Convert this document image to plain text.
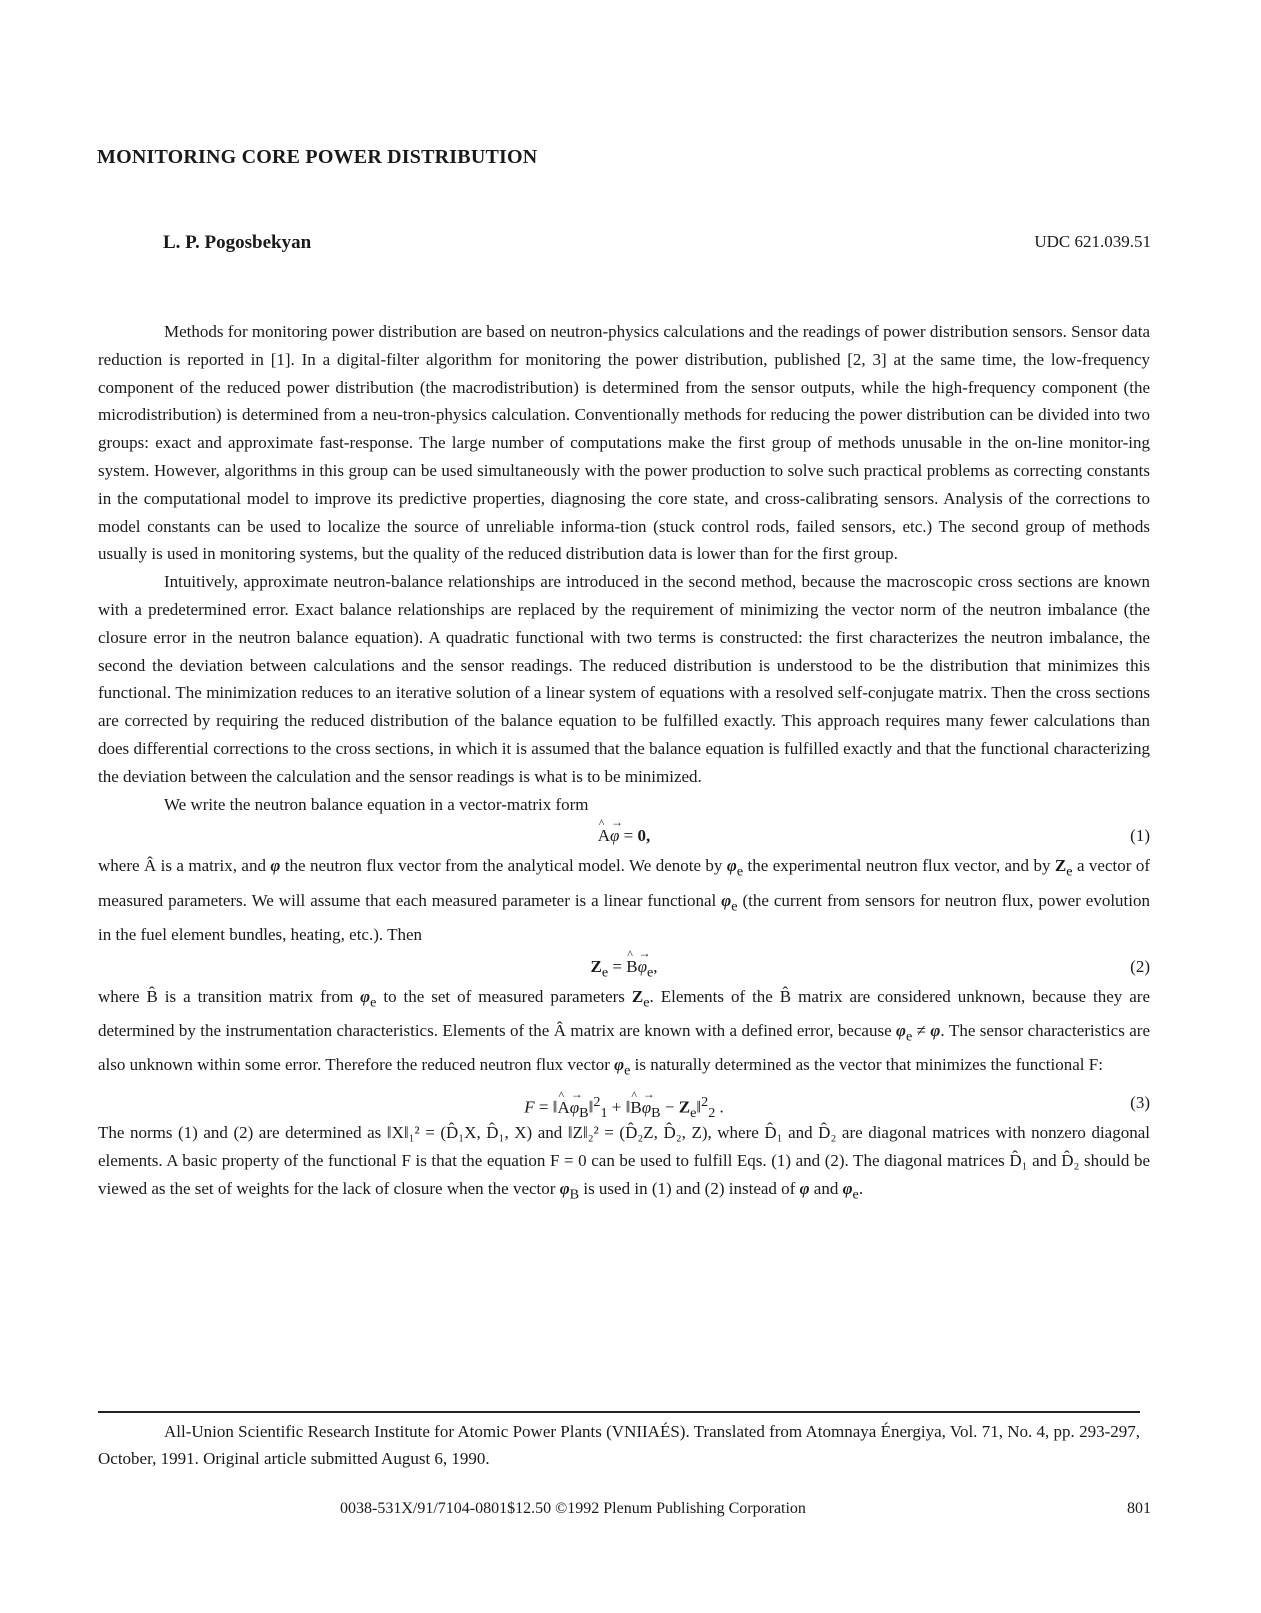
MONITORING CORE POWER DISTRIBUTION
L. P. Pogosbekyan	UDC 621.039.51

Methods for monitoring power distribution are based on neutron-physics calculations and the readings of power distribution sensors. Sensor data reduction is reported in [1]. In a digital-filter algorithm for monitoring the power distribution, published [2, 3] at the same time, the low-frequency component of the reduced power distribution (the macrodistribution) is determined from the sensor outputs, while the high-frequency component (the microdistribution) is determined from a neu-tron-physics calculation. Conventionally methods for reducing the power distribution can be divided into two groups: exact and approximate fast-response. The large number of computations make the first group of methods unusable in the on-line monitor-ing system. However, algorithms in this group can be used simultaneously with the power production to solve such practical problems as correcting constants in the computational model to improve its predictive properties, diagnosing the core state, and cross-calibrating sensors. Analysis of the corrections to model constants can be used to localize the source of unreliable informa-tion (stuck control rods, failed sensors, etc.) The second group of methods usually is used in monitoring systems, but the quality of the reduced distribution data is lower than for the first group.

Intuitively, approximate neutron-balance relationships are introduced in the second method, because the macroscopic cross sections are known with a predetermined error. Exact balance relationships are replaced by the requirement of minimizing the vector norm of the neutron imbalance (the closure error in the neutron balance equation). A quadratic functional with two terms is constructed: the first characterizes the neutron imbalance, the second the deviation between calculations and the sensor readings. The reduced distribution is understood to be the distribution that minimizes this functional. The minimization reduces to an iterative solution of a linear system of equations with a resolved self-conjugate matrix. Then the cross sections are corrected by requiring the reduced distribution of the balance equation to be fulfilled exactly. This approach requires many fewer calculations than does differential corrections to the cross sections, in which it is assumed that the balance equation is fulfilled exactly and that the functional characterizing the deviation between the calculation and the sensor readings is what is to be minimized.

We write the neutron balance equation in a vector-matrix form

A
^
φ
→
= 0,	(1)

where Â is a matrix, and φ the neutron flux vector from the analytical model. We denote by $\varphi_e$ the experimental neutron flux vector, and by $Z_e$ a vector of measured parameters. We will assume that each measured parameter is a linear functional $\varphi_e$ (the current from sensors for neutron flux, power evolution in the fuel element bundles, heating, etc.). Then

$Z_e = B$
^
φ
→
$_e$,	(2)

where B̂ is a transition matrix from $\varphi_e$ to the set of measured parameters $Z_e$. Elements of the B̂ matrix are considered unknown, because they are determined by the instrumentation characteristics. Elements of the Â matrix are known with a defined error, because $\varphi_e \ne \varphi$. The sensor characteristics are also unknown within some error. Therefore the reduced neutron flux vector $\varphi_e$ is naturally determined as the vector that minimizes the functional F:

F = ‖A
^
φ
→
$_B$‖$^2_1$ + ‖B
^
φ
→
$_B - Z_e‖^2_2$ .	(3)

The norms (1) and (2) are determined as ‖X‖₁² = (D̂₁X, D̂₁, X) and ‖Z‖₂² = (D̂₂Z, D̂₂, Z), where D̂₁ and D̂₂ are diagonal matrices with nonzero diagonal elements. A basic property of the functional F is that the equation F = 0 can be used to fulfill Eqs. (1) and (2). The diagonal matrices D̂₁ and D̂₂ should be viewed as the set of weights for the lack of closure when the vector $\varphi_B$ is used in (1) and (2) instead of φ and $\varphi_e$.

All-Union Scientific Research Institute for Atomic Power Plants (VNIIAÉS). Translated from Atomnaya Énergiya, Vol. 71, No. 4, pp. 293-297, October, 1991. Original article submitted August 6, 1990.
0038-531X/91/7104-0801$12.50 ©1992 Plenum Publishing Corporation	801
